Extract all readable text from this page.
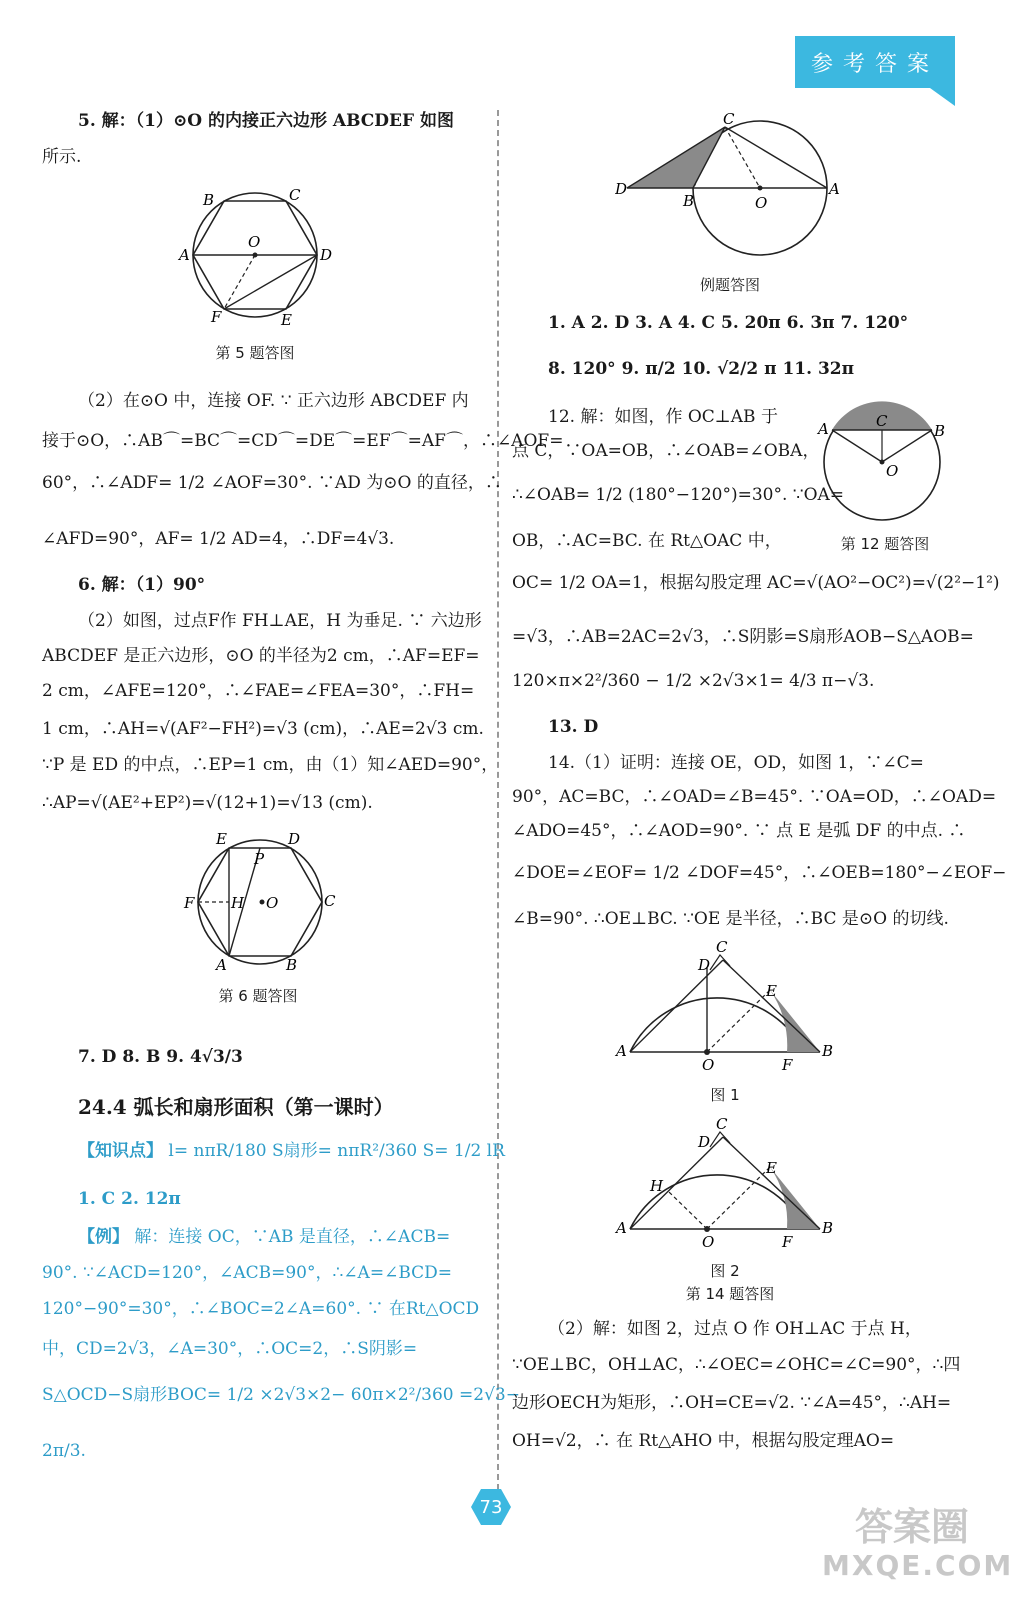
参考答案
5. 解：（1）⊙O 的内接正六边形 ABCDEF 如图
所示.
B	C
A	D
O
F	E
第 5 题答图
（2）在⊙O 中，连接 OF. ∵ 正六边形 ABCDEF 内
接于⊙O，∴AB⌒=BC⌒=CD⌒=DE⌒=EF⌒=AF⌒，∴∠AOF=
60°，∴∠ADF= 1/2 ∠AOF=30°. ∵AD 为⊙O 的直径，∴
∠AFD=90°，AF= 1/2 AD=4，∴DF=4√3.
6. 解：（1）90°
（2）如图，过点F作 FH⊥AE，H 为垂足. ∵ 六边形
ABCDEF 是正六边形，⊙O 的半径为2 cm，∴AF=EF=
2 cm，∠AFE=120°，∴∠FAE=∠FEA=30°，∴FH=
1 cm，∴AH=√(AF²−FH²)=√3 (cm)，∴AE=2√3 cm.
∵P 是 ED 的中点，∴EP=1 cm，由（1）知∠AED=90°，
∴AP=√(AE²+EP²)=√(12+1)=√13 (cm).
E	D
P
F H O	C
A	B
第 6 题答图
7. D 8. B 9. 4√3/3
24.4 弧长和扇形面积（第一课时）
【知识点】 l= nπR/180 S扇形= nπR²/360 S= 1/2 lR
1. C 2. 12π
【例】 解：连接 OC，∵AB 是直径，∴∠ACB=
90°. ∵∠ACD=120°，∠ACB=90°，∴∠A=∠BCD=
120°−90°=30°，∴∠BOC=2∠A=60°. ∵ 在Rt△OCD
中，CD=2√3，∠A=30°，∴OC=2，∴S阴影=
S△OCD−S扇形BOC= 1/2 ×2√3×2− 60π×2²/360 =2√3−
2π/3.
C
D
B	O
A
例题答图
1. A 2. D 3. A 4. C 5. 20π 6. 3π 7. 120°
8. 120° 9. π/2 10. √2/2 π 11. 32π
12. 解：如图，作 OC⊥AB 于
点 C，∵OA=OB，∴∠OAB=∠OBA，
∴∠OAB= 1/2 (180°−120°)=30°. ∵OA=
OB，∴AC=BC. 在 Rt△OAC 中，
OC= 1/2 OA=1，根据勾股定理 AC=√(AO²−OC²)=√(2²−1²)
=√3，∴AB=2AC=2√3，∴S阴影=S扇形AOB−S△AOB=
120×π×2²/360 − 1/2 ×2√3×1= 4/3 π−√3.
A	C
B
O
第 12 题答图
13. D
14.（1）证明：连接 OE，OD，如图 1，∵∠C=
90°，AC=BC，∴∠OAD=∠B=45°. ∵OA=OD，∴∠OAD=
∠ADO=45°，∴∠AOD=90°. ∵ 点 E 是弧 DF 的中点. ∴
∠DOE=∠EOF= 1/2 ∠DOF=45°，∴∠OEB=180°−∠EOF−
∠B=90°. ∴OE⊥BC. ∵OE 是半径，∴BC 是⊙O 的切线.
C
D
E
A
O	F
B
图 1
C
D
E
H
A
O	F
B
图 2
第 14 题答图
（2）解：如图 2，过点 O 作 OH⊥AC 于点 H，
∵OE⊥BC，OH⊥AC，∴∠OEC=∠OHC=∠C=90°，∴四
边形OECH为矩形，∴OH=CE=√2. ∵∠A=45°，∴AH=
OH=√2，∴ 在 Rt△AHO 中，根据勾股定理AO=
73	答案圈
MXQE.COM
